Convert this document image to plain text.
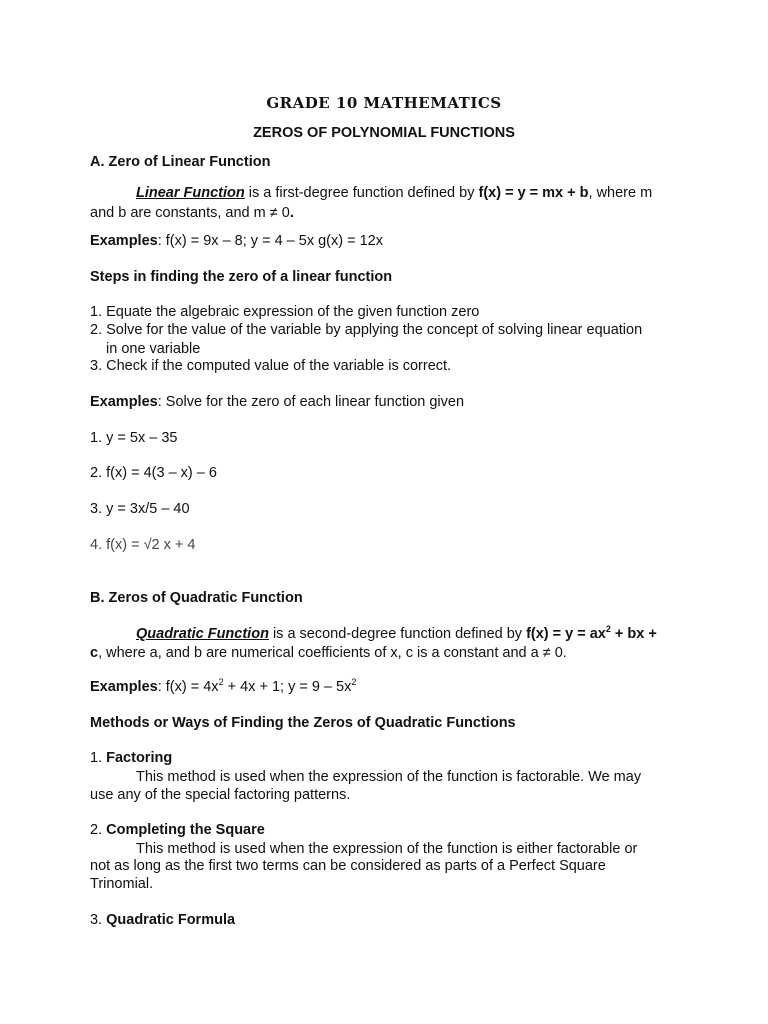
GRADE 10 MATHEMATICS
ZEROS OF POLYNOMIAL FUNCTIONS
A. Zero of Linear Function
Linear Function is a first-degree function defined by f(x) = y = mx + b, where m
and b are constants, and m ≠ 0.
Examples: f(x) = 9x – 8; y = 4 – 5x g(x) = 12x
Steps in finding the zero of a linear function
1. Equate the algebraic expression of the given function zero
2. Solve for the value of the variable by applying the concept of solving linear equation
in one variable
3. Check if the computed value of the variable is correct.
Examples: Solve for the zero of each linear function given
1. y = 5x – 35
2. f(x) = 4(3 – x) – 6
3. y = 3x/5 – 40
4. f(x) = √2 x + 4
B. Zeros of Quadratic Function
Quadratic Function is a second-degree function defined by $f(x) = y = ax^2$ + bx +
c, where a, and b are numerical coefficients of x, c is a constant and a ≠ 0.
Examples: $f(x) = 4x^2 + 4x + 1$; $y = 9 - 5x^2$
Methods or Ways of Finding the Zeros of Quadratic Functions
1. Factoring
This method is used when the expression of the function is factorable. We may
use any of the special factoring patterns.
2. Completing the Square
This method is used when the expression of the function is either factorable or
not as long as the first two terms can be considered as parts of a Perfect Square
Trinomial.
3. Quadratic Formula
